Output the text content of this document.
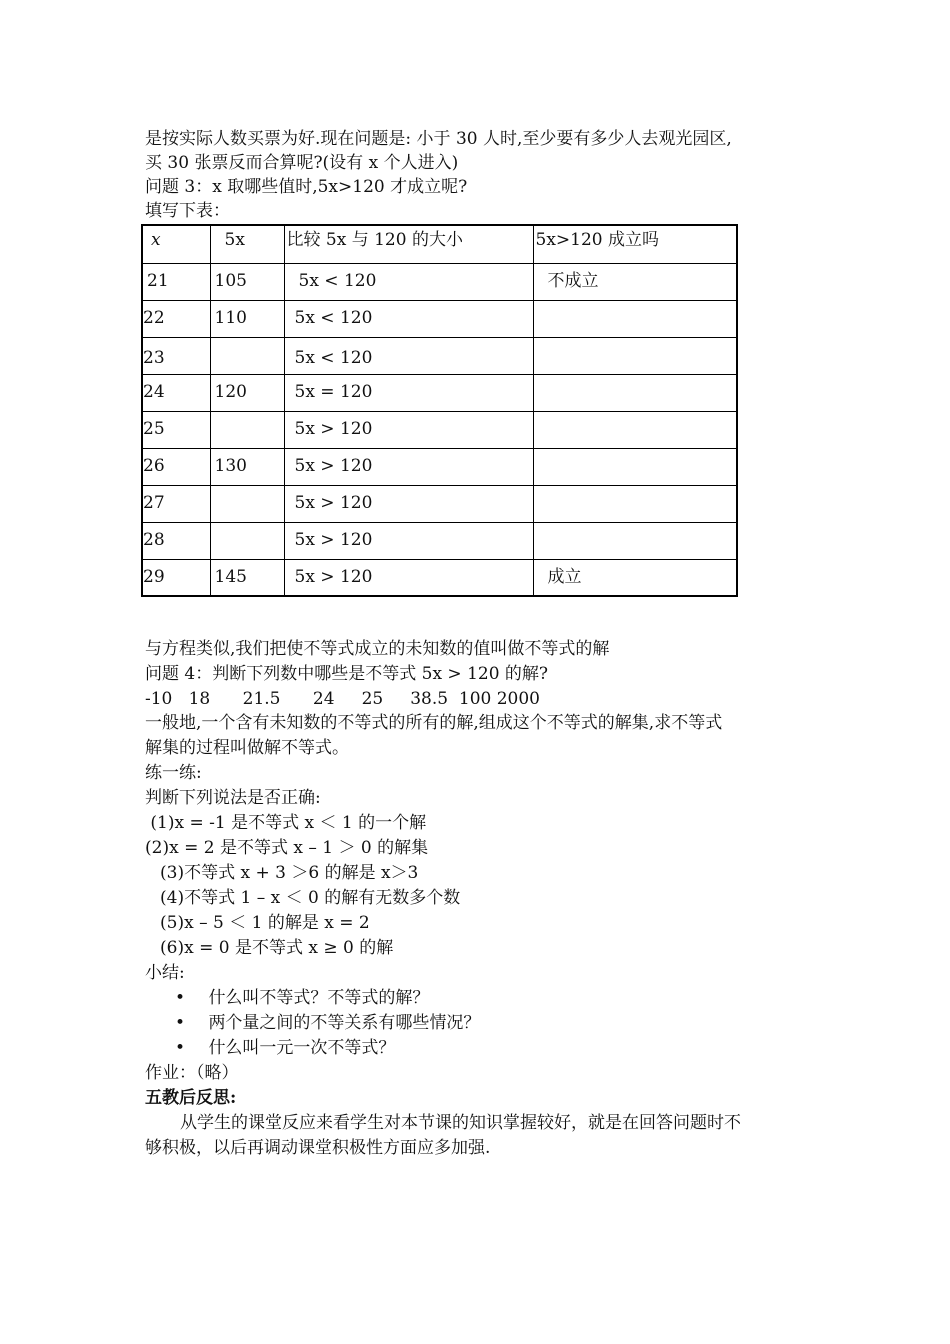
是按实际人数买票为好.现在问题是: 小于 30 人时,至少要有多少人去观光园区,
买 30 张票反而合算呢?(设有 x 个人进入)
问题 3：x 取哪些值时,5x>120 才成立呢?
填写下表：
x	5x	比较 5x 与 120 的大小	5x>120 成立吗
21	105	5x < 120	不成立
22	110	5x < 120	
23		5x < 120	
24	120	5x = 120	
25		5x > 120	
26	130	5x > 120	
27		5x > 120	
28		5x > 120	
29	145	5x > 120	成立
与方程类似,我们把使不等式成立的未知数的值叫做不等式的解
问题 4：判断下列数中哪些是不等式 5x > 120 的解?
-10   18      21.5      24     25     38.5  100 2000
一般地,一个含有未知数的不等式的所有的解,组成这个不等式的解集,求不等式
解集的过程叫做解不等式。
练一练:
判断下列说法是否正确:
(1)x = -1 是不等式 x ＜ 1 的一个解
(2)x = 2 是不等式 x – 1 ＞ 0 的解集
(3)不等式 x + 3 ＞6 的解是 x＞3
(4)不等式 1 – x ＜ 0 的解有无数多个数
(5)x – 5 ＜ 1 的解是 x = 2
(6)x = 0 是不等式 x ≥ 0 的解
小结:
• 什么叫不等式？不等式的解？
• 两个量之间的不等关系有哪些情况？
• 什么叫一元一次不等式？
作业：（略）
五教后反思:
从学生的课堂反应来看学生对本节课的知识掌握较好，就是在回答问题时不
够积极，以后再调动课堂积极性方面应多加强.
